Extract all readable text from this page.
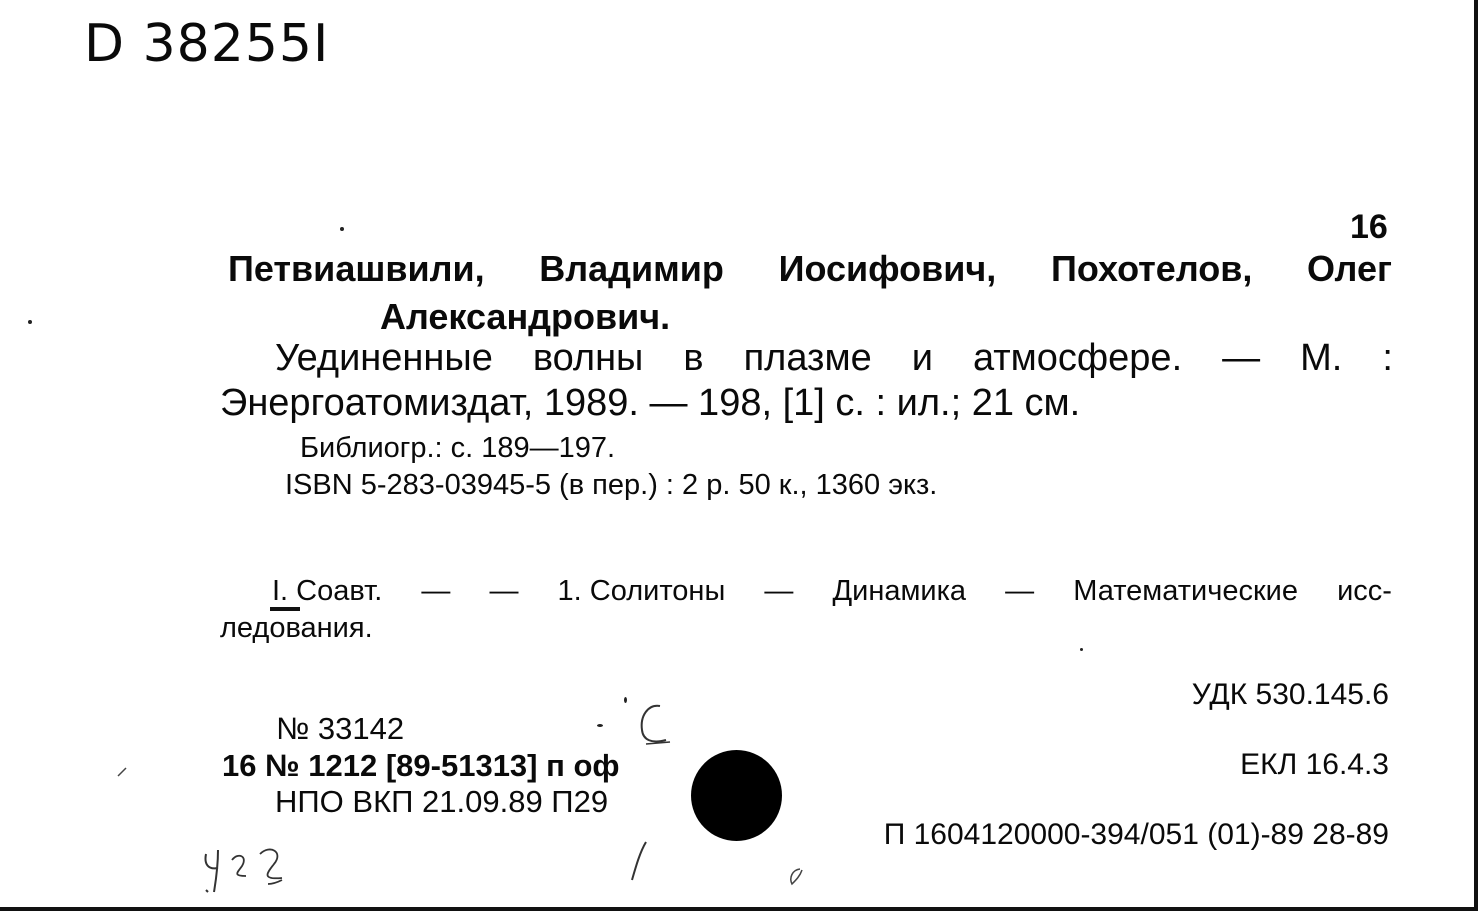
D 38255I
16
Петвиашвили, Владимир Иосифович, Похотелов, Олег
Александрович.
Уединенные волны в плазме и атмосфере. — М. :
Энергоатомиздат, 1989. — 198, [1] с. : ил.; 21 см.
Библиогр.: с. 189—197.
ISBN 5-283-03945-5 (в пер.) : 2 р. 50 к., 1360 экз.
I. Соавт. — — 1. Солитоны — Динамика — Математические исс-
ледования.
УДК 530.145.6
№ 33142
16 № 1212 [89-51313] п оф
НПО ВКП 21.09.89 П29
ЕКЛ 16.4.3
П 1604120000-394/051 (01)-89 28-89
